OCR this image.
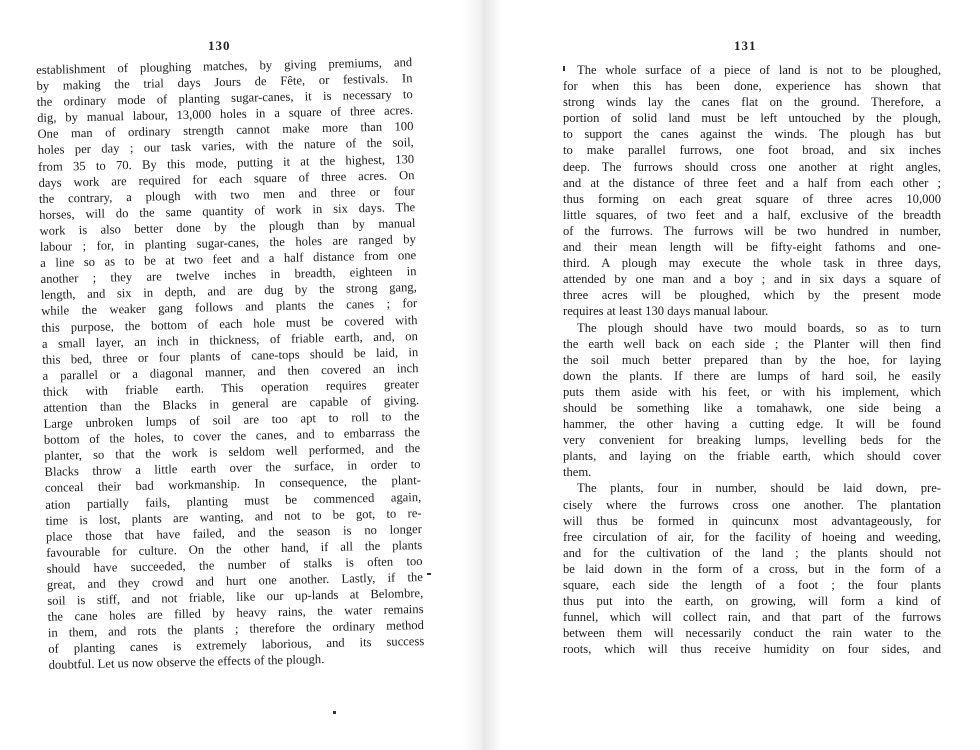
130
establishment of ploughing matches, by giving premiums, and
by making the trial days Jours de Fête, or festivals. In
the ordinary mode of planting sugar-canes, it is necessary to
dig, by manual labour, 13,000 holes in a square of three acres.
One man of ordinary strength cannot make more than 100
holes per day ; our task varies, with the nature of the soil,
from 35 to 70. By this mode, putting it at the highest, 130
days work are required for each square of three acres. On
the contrary, a plough with two men and three or four
horses, will do the same quantity of work in six days. The
work is also better done by the plough than by manual
labour ; for, in planting sugar-canes, the holes are ranged by
a line so as to be at two feet and a half distance from one
another ; they are twelve inches in breadth, eighteen in
length, and six in depth, and are dug by the strong gang,
while the weaker gang follows and plants the canes ; for
this purpose, the bottom of each hole must be covered with
a small layer, an inch in thickness, of friable earth, and, on
this bed, three or four plants of cane-tops should be laid, in
a parallel or a diagonal manner, and then covered an inch
thick with friable earth. This operation requires greater
attention than the Blacks in general are capable of giving.
Large unbroken lumps of soil are too apt to roll to the
bottom of the holes, to cover the canes, and to embarrass the
planter, so that the work is seldom well performed, and the
Blacks throw a little earth over the surface, in order to
conceal their bad workmanship. In consequence, the plant-
ation partially fails, planting must be commenced again,
time is lost, plants are wanting, and not to be got, to re-
place those that have failed, and the season is no longer
favourable for culture. On the other hand, if all the plants
should have succeeded, the number of stalks is often too
great, and they crowd and hurt one another. Lastly, if the
soil is stiff, and not friable, like our up-lands at Belombre,
the cane holes are filled by heavy rains, the water remains
in them, and rots the plants ; therefore the ordinary method
of planting canes is extremely laborious, and its success
doubtful. Let us now observe the effects of the plough.
131
The whole surface of a piece of land is not to be ploughed,
for when this has been done, experience has shown that
strong winds lay the canes flat on the ground. Therefore, a
portion of solid land must be left untouched by the plough,
to support the canes against the winds. The plough has but
to make parallel furrows, one foot broad, and six inches
deep. The furrows should cross one another at right angles,
and at the distance of three feet and a half from each other ;
thus forming on each great square of three acres 10,000
little squares, of two feet and a half, exclusive of the breadth
of the furrows. The furrows will be two hundred in number,
and their mean length will be fifty-eight fathoms and one-
third. A plough may execute the whole task in three days,
attended by one man and a boy ; and in six days a square of
three acres will be ploughed, which by the present mode
requires at least 130 days manual labour.
The plough should have two mould boards, so as to turn
the earth well back on each side ; the Planter will then find
the soil much better prepared than by the hoe, for laying
down the plants. If there are lumps of hard soil, he easily
puts them aside with his feet, or with his implement, which
should be something like a tomahawk, one side being a
hammer, the other having a cutting edge. It will be found
very convenient for breaking lumps, levelling beds for the
plants, and laying on the friable earth, which should cover
them.
The plants, four in number, should be laid down, pre-
cisely where the furrows cross one another. The plantation
will thus be formed in quincunx most advantageously, for
free circulation of air, for the facility of hoeing and weeding,
and for the cultivation of the land ; the plants should not
be laid down in the form of a cross, but in the form of a
square, each side the length of a foot ; the four plants
thus put into the earth, on growing, will form a kind of
funnel, which will collect rain, and that part of the furrows
between them will necessarily conduct the rain water to the
roots, which will thus receive humidity on four sides, and
